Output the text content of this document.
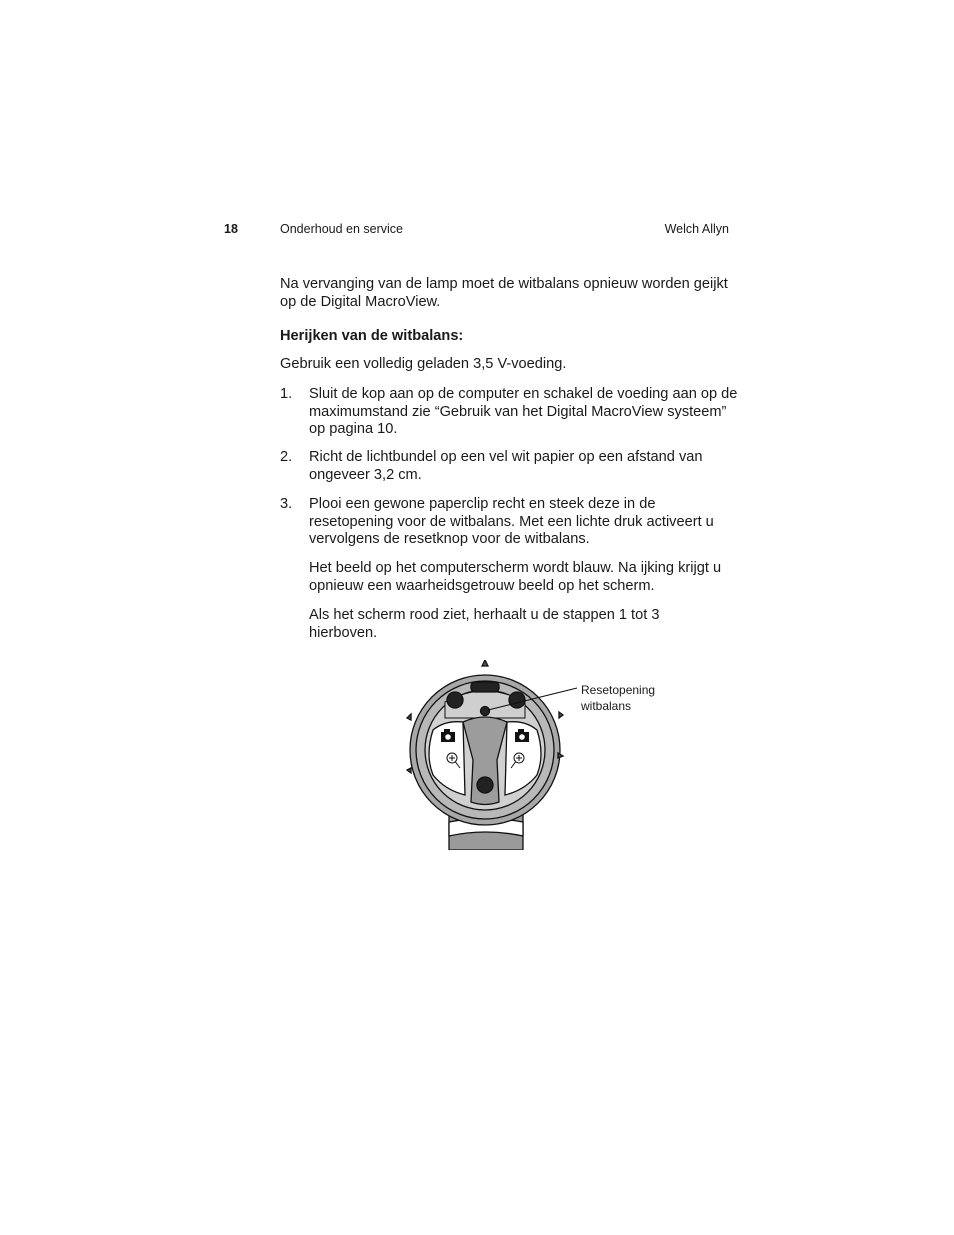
18	Onderhoud en service	Welch Allyn

Na vervanging van de lamp moet de witbalans opnieuw worden geijkt op de Digital MacroView.

Herijken van de witbalans:

Gebruik een volledig geladen 3,5 V-voeding.

1. Sluit de kop aan op de computer en schakel de voeding aan op de maximumstand zie “Gebruik van het Digital MacroView systeem” op pagina 10.

2. Richt de lichtbundel op een vel wit papier op een afstand van ongeveer 3,2 cm.

3. Plooi een gewone paperclip recht en steek deze in de resetopening voor de witbalans. Met een lichte druk activeert u vervolgens de resetknop voor de witbalans.

Het beeld op het computerscherm wordt blauw. Na ijking krijgt u opnieuw een waarheidsgetrouw beeld op het scherm.

Als het scherm rood ziet, herhaalt u de stappen 1 tot 3 hierboven.

Resetopening
witbalans
